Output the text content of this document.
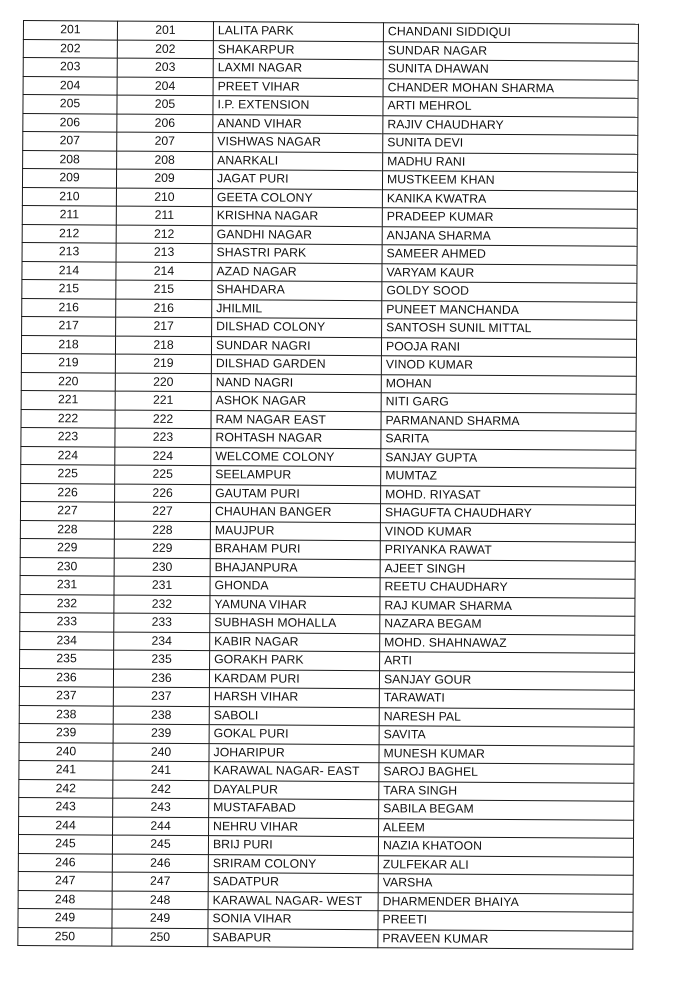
201	201	LALITA PARK	CHANDANI SIDDIQUI
202	202	SHAKARPUR	SUNDAR NAGAR
203	203	LAXMI NAGAR	SUNITA DHAWAN
204	204	PREET VIHAR	CHANDER MOHAN SHARMA
205	205	I.P. EXTENSION	ARTI MEHROL
206	206	ANAND VIHAR	RAJIV CHAUDHARY
207	207	VISHWAS NAGAR	SUNITA DEVI
208	208	ANARKALI	MADHU RANI
209	209	JAGAT PURI	MUSTKEEM KHAN
210	210	GEETA COLONY	KANIKA KWATRA
211	211	KRISHNA NAGAR	PRADEEP KUMAR
212	212	GANDHI NAGAR	ANJANA SHARMA
213	213	SHASTRI PARK	SAMEER AHMED
214	214	AZAD NAGAR	VARYAM KAUR
215	215	SHAHDARA	GOLDY SOOD
216	216	JHILMIL	PUNEET MANCHANDA
217	217	DILSHAD COLONY	SANTOSH SUNIL MITTAL
218	218	SUNDAR NAGRI	POOJA RANI
219	219	DILSHAD GARDEN	VINOD KUMAR
220	220	NAND NAGRI	MOHAN
221	221	ASHOK NAGAR	NITI GARG
222	222	RAM NAGAR EAST	PARMANAND SHARMA
223	223	ROHTASH NAGAR	SARITA
224	224	WELCOME COLONY	SANJAY GUPTA
225	225	SEELAMPUR	MUMTAZ
226	226	GAUTAM PURI	MOHD. RIYASAT
227	227	CHAUHAN BANGER	SHAGUFTA CHAUDHARY
228	228	MAUJPUR	VINOD KUMAR
229	229	BRAHAM PURI	PRIYANKA RAWAT
230	230	BHAJANPURA	AJEET SINGH
231	231	GHONDA	REETU CHAUDHARY
232	232	YAMUNA VIHAR	RAJ KUMAR SHARMA
233	233	SUBHASH MOHALLA	NAZARA BEGAM
234	234	KABIR NAGAR	MOHD. SHAHNAWAZ
235	235	GORAKH PARK	ARTI
236	236	KARDAM PURI	SANJAY GOUR
237	237	HARSH VIHAR	TARAWATI
238	238	SABOLI	NARESH PAL
239	239	GOKAL PURI	SAVITA
240	240	JOHARIPUR	MUNESH KUMAR
241	241	KARAWAL NAGAR- EAST	SAROJ BAGHEL
242	242	DAYALPUR	TARA SINGH
243	243	MUSTAFABAD	SABILA BEGAM
244	244	NEHRU VIHAR	ALEEM
245	245	BRIJ PURI	NAZIA KHATOON
246	246	SRIRAM COLONY	ZULFEKAR ALI
247	247	SADATPUR	VARSHA
248	248	KARAWAL NAGAR- WEST	DHARMENDER BHAIYA
249	249	SONIA VIHAR	PREETI
250	250	SABAPUR	PRAVEEN KUMAR
